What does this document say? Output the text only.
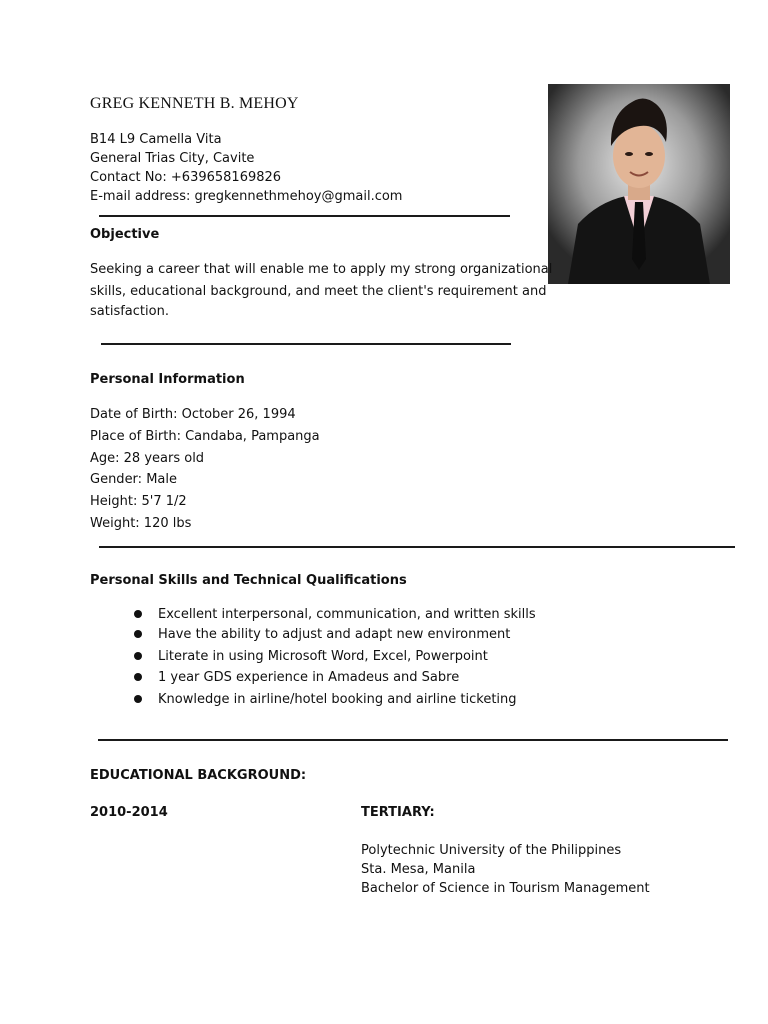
GREG KENNETH B. MEHOY
B14 L9 Camella Vita
General Trias City, Cavite
Contact No: +639658169826
E-mail address: gregkennethmehoy@gmail.com
Objective
Seeking a career that will enable me to apply my strong organizational
skills, educational background, and meet the client's requirement and
satisfaction.
Personal Information
Date of Birth: October 26, 1994
Place of Birth: Candaba, Pampanga
Age: 28 years old
Gender: Male
Height: 5'7 1/2
Weight: 120 lbs
Personal Skills and Technical Qualifications
Excellent interpersonal, communication, and written skills
Have the ability to adjust and adapt new environment
Literate in using Microsoft Word, Excel, Powerpoint
1 year GDS experience in Amadeus and Sabre
Knowledge in airline/hotel booking and airline ticketing
EDUCATIONAL BACKGROUND:
2010-2014	TERTIARY:
Polytechnic University of the Philippines
Sta. Mesa, Manila
Bachelor of Science in Tourism Management
